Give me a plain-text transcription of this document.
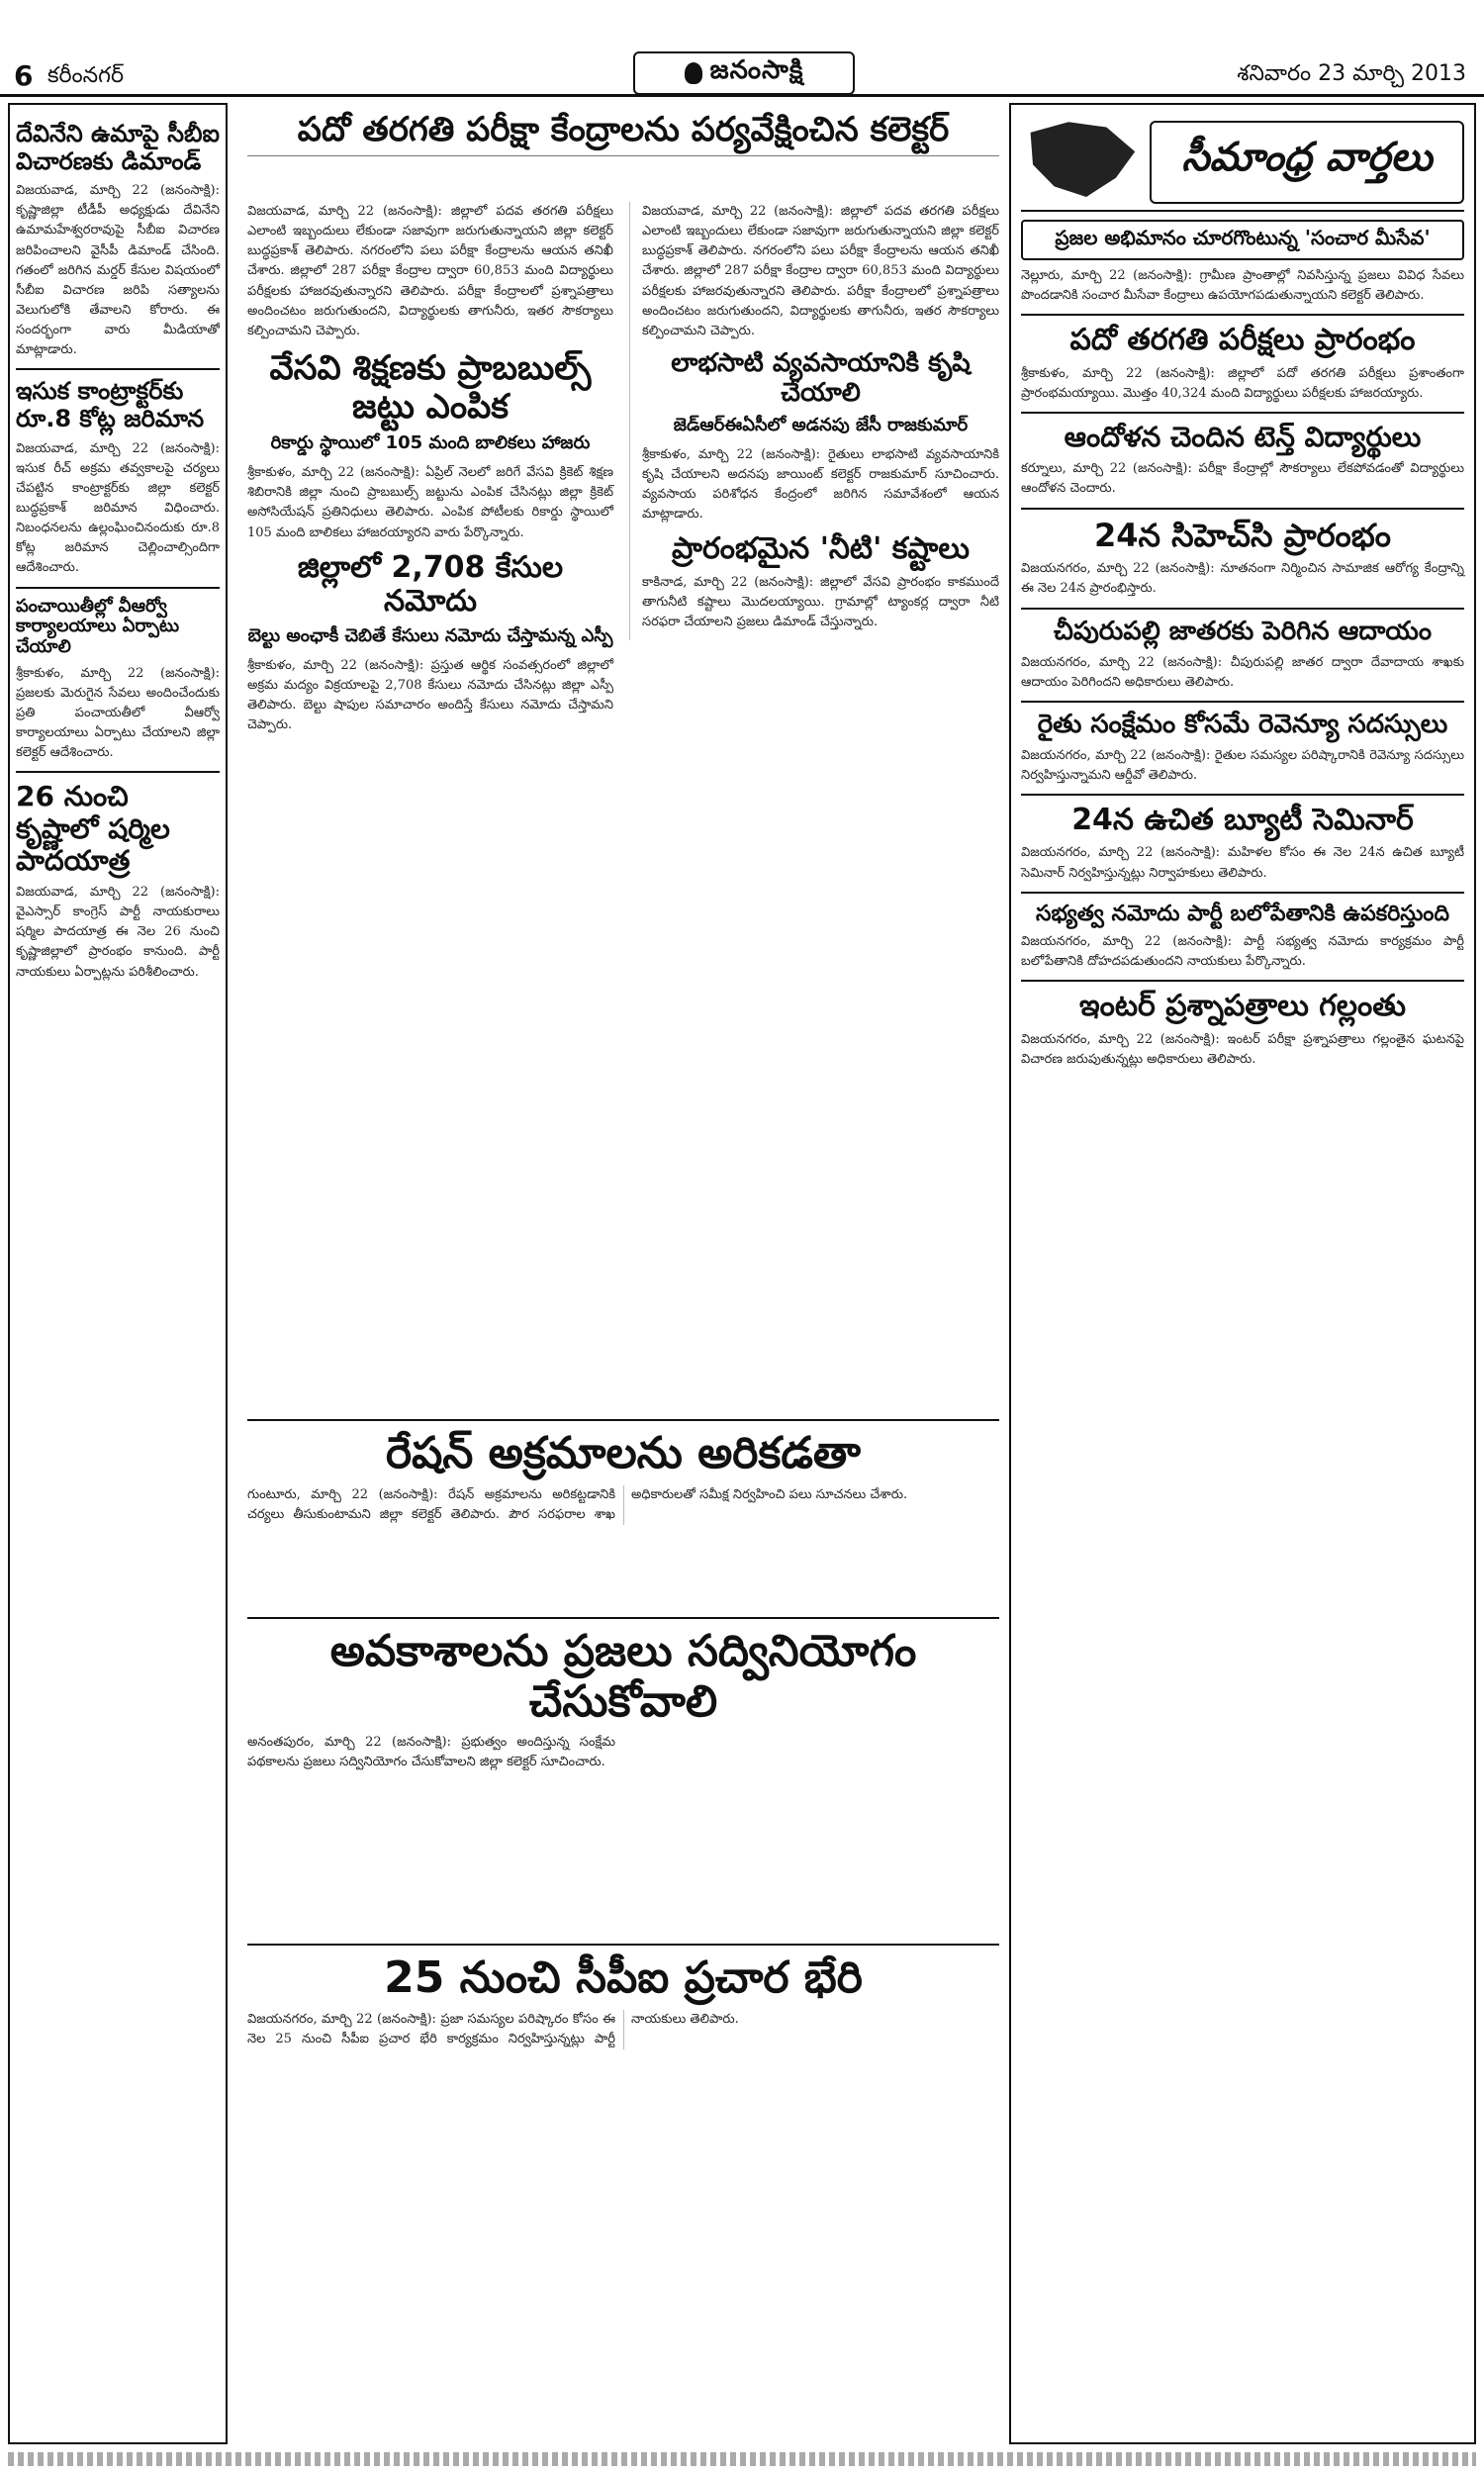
6 కరీంనగర్	జనంసాక్షి	శనివారం 23 మార్చి 2013
దేవినేని ఉమాపై సీబీఐ విచారణకు డిమాండ్

విజయవాడ, మార్చి 22 (జనంసాక్షి): కృష్ణాజిల్లా టీడీపీ అధ్యక్షుడు దేవినేని ఉమామహేశ్వరరావుపై సీబీఐ విచారణ జరిపించాలని వైసీపీ డిమాండ్ చేసింది. గతంలో జరిగిన మర్డర్ కేసుల విషయంలో సీబీఐ విచారణ జరిపి సత్యాలను వెలుగులోకి తేవాలని కోరారు. ఈ సందర్భంగా వారు మీడియాతో మాట్లాడారు.

ఇసుక కాంట్రాక్టర్‌కు రూ.8 కోట్ల జరిమాన

విజయవాడ, మార్చి 22 (జనంసాక్షి): ఇసుక రీచ్ అక్రమ తవ్వకాలపై చర్యలు చేపట్టిన కాంట్రాక్టర్‌కు జిల్లా కలెక్టర్ బుద్ధప్రకాశ్ జరిమాన విధించారు. నిబంధనలను ఉల్లంఘించినందుకు రూ.8 కోట్ల జరిమాన చెల్లించాల్సిందిగా ఆదేశించారు.

పంచాయితీల్లో వీఆర్వో కార్యాలయాలు ఏర్పాటు చేయాలి

శ్రీకాకుళం, మార్చి 22 (జనంసాక్షి): ప్రజలకు మెరుగైన సేవలు అందించేందుకు ప్రతి పంచాయతీలో వీఆర్వో కార్యాలయాలు ఏర్పాటు చేయాలని జిల్లా కలెక్టర్ ఆదేశించారు.

26 నుంచి కృష్ణాలో షర్మిల పాదయాత్ర

విజయవాడ, మార్చి 22 (జనంసాక్షి): వైఎస్సార్ కాంగ్రెస్ పార్టీ నాయకురాలు షర్మిల పాదయాత్ర ఈ నెల 26 నుంచి కృష్ణాజిల్లాలో ప్రారంభం కానుంది. పార్టీ నాయకులు ఏర్పాట్లను పరిశీలించారు.

పదో తరగతి పరీక్షా కేంద్రాలను పర్యవేక్షించిన కలెక్టర్

విజయవాడ, మార్చి 22 (జనంసాక్షి): జిల్లాలో పదవ తరగతి పరీక్షలు ఎలాంటి ఇబ్బందులు లేకుండా సజావుగా జరుగుతున్నాయని జిల్లా కలెక్టర్ బుద్ధప్రకాశ్ తెలిపారు. నగరంలోని పలు పరీక్షా కేంద్రాలను ఆయన తనిఖీ చేశారు. జిల్లాలో 287 పరీక్షా కేంద్రాల ద్వారా 60,853 మంది విద్యార్థులు పరీక్షలకు హాజరవుతున్నారని తెలిపారు. పరీక్షా కేంద్రాలలో ప్రశ్నాపత్రాలు అందించటం జరుగుతుందని, విద్యార్థులకు తాగునీరు, ఇతర సౌకర్యాలు కల్పించామని చెప్పారు.

వేసవి శిక్షణకు ప్రాబబుల్స్ జట్టు ఎంపిక
రికార్డు స్థాయిలో 105 మంది బాలికలు హాజరు

శ్రీకాకుళం, మార్చి 22 (జనంసాక్షి): ఏప్రిల్ నెలలో జరిగే వేసవి క్రికెట్ శిక్షణ శిబిరానికి జిల్లా నుంచి ప్రాబబుల్స్ జట్టును ఎంపిక చేసినట్లు జిల్లా క్రికెట్ అసోసియేషన్ ప్రతినిధులు తెలిపారు. ఎంపిక పోటీలకు రికార్డు స్థాయిలో 105 మంది బాలికలు హాజరయ్యారని వారు పేర్కొన్నారు.

జిల్లాలో 2,708 కేసుల నమోదు
బెల్టు అంఛాకీ చెబితే కేసులు నమోదు చేస్తామన్న ఎస్పీ

శ్రీకాకుళం, మార్చి 22 (జనంసాక్షి): ప్రస్తుత ఆర్థిక సంవత్సరంలో జిల్లాలో అక్రమ మద్యం విక్రయాలపై 2,708 కేసులు నమోదు చేసినట్లు జిల్లా ఎస్పీ తెలిపారు. బెల్టు షాపుల సమాచారం అందిస్తే కేసులు నమోదు చేస్తామని చెప్పారు.

విజయవాడ, మార్చి 22 (జనంసాక్షి): జిల్లాలో పదవ తరగతి పరీక్షలు ఎలాంటి ఇబ్బందులు లేకుండా సజావుగా జరుగుతున్నాయని జిల్లా కలెక్టర్ బుద్ధప్రకాశ్ తెలిపారు. నగరంలోని పలు పరీక్షా కేంద్రాలను ఆయన తనిఖీ చేశారు. జిల్లాలో 287 పరీక్షా కేంద్రాల ద్వారా 60,853 మంది విద్యార్థులు పరీక్షలకు హాజరవుతున్నారని తెలిపారు. పరీక్షా కేంద్రాలలో ప్రశ్నాపత్రాలు అందించటం జరుగుతుందని, విద్యార్థులకు తాగునీరు, ఇతర సౌకర్యాలు కల్పించామని చెప్పారు.

లాభసాటి వ్యవసాయానికి కృషి చేయాలి
జెడ్‌ఆర్‌ఈఏసీలో అడనపు జేసీ రాజకుమార్

శ్రీకాకుళం, మార్చి 22 (జనంసాక్షి): రైతులు లాభసాటి వ్యవసాయానికి కృషి చేయాలని అదనపు జాయింట్ కలెక్టర్ రాజకుమార్ సూచించారు. వ్యవసాయ పరిశోధన కేంద్రంలో జరిగిన సమావేశంలో ఆయన మాట్లాడారు.

ప్రారంభమైన 'నీటి' కష్టాలు

కాకినాడ, మార్చి 22 (జనంసాక్షి): జిల్లాలో వేసవి ప్రారంభం కాకముందే తాగునీటి కష్టాలు మొదలయ్యాయి. గ్రామాల్లో ట్యాంకర్ల ద్వారా నీటి సరఫరా చేయాలని ప్రజలు డిమాండ్ చేస్తున్నారు.

రేషన్ అక్రమాలను అరికడతా

గుంటూరు, మార్చి 22 (జనంసాక్షి): రేషన్ అక్రమాలను అరికట్టడానికి చర్యలు తీసుకుంటామని జిల్లా కలెక్టర్ తెలిపారు. పౌర సరఫరాల శాఖ అధికారులతో సమీక్ష నిర్వహించి పలు సూచనలు చేశారు.

అవకాశాలను ప్రజలు సద్వినియోగం చేసుకోవాలి

అనంతపురం, మార్చి 22 (జనంసాక్షి): ప్రభుత్వం అందిస్తున్న సంక్షేమ పథకాలను ప్రజలు సద్వినియోగం చేసుకోవాలని జిల్లా కలెక్టర్ సూచించారు.

25 నుంచి సీపీఐ ప్రచార భేరి

విజయనగరం, మార్చి 22 (జనంసాక్షి): ప్రజా సమస్యల పరిష్కారం కోసం ఈ నెల 25 నుంచి సీపీఐ ప్రచార భేరి కార్యక్రమం నిర్వహిస్తున్నట్లు పార్టీ నాయకులు తెలిపారు.

సీమాంధ్ర వార్తలు
ప్రజల అభిమానం చూరగొంటున్న 'సంచార మీసేవ'

నెల్లూరు, మార్చి 22 (జనంసాక్షి): గ్రామీణ ప్రాంతాల్లో నివసిస్తున్న ప్రజలు వివిధ సేవలు పొందడానికి సంచార మీసేవా కేంద్రాలు ఉపయోగపడుతున్నాయని కలెక్టర్ తెలిపారు.

పదో తరగతి పరీక్షలు ప్రారంభం

శ్రీకాకుళం, మార్చి 22 (జనంసాక్షి): జిల్లాలో పదో తరగతి పరీక్షలు ప్రశాంతంగా ప్రారంభమయ్యాయి. మొత్తం 40,324 మంది విద్యార్థులు పరీక్షలకు హాజరయ్యారు.

ఆందోళన చెందిన టెన్త్ విద్యార్థులు

కర్నూలు, మార్చి 22 (జనంసాక్షి): పరీక్షా కేంద్రాల్లో సౌకర్యాలు లేకపోవడంతో విద్యార్థులు ఆందోళన చెందారు.

24న సిహెచ్‌సి ప్రారంభం

విజయనగరం, మార్చి 22 (జనంసాక్షి): నూతనంగా నిర్మించిన సామాజిక ఆరోగ్య కేంద్రాన్ని ఈ నెల 24న ప్రారంభిస్తారు.

చీపురుపల్లి జాతరకు పెరిగిన ఆదాయం

విజయనగరం, మార్చి 22 (జనంసాక్షి): చీపురుపల్లి జాతర ద్వారా దేవాదాయ శాఖకు ఆదాయం పెరిగిందని అధికారులు తెలిపారు.

రైతు సంక్షేమం కోసమే రెవెన్యూ సదస్సులు

విజయనగరం, మార్చి 22 (జనంసాక్షి): రైతుల సమస్యల పరిష్కారానికి రెవెన్యూ సదస్సులు నిర్వహిస్తున్నామని ఆర్డీవో తెలిపారు.

24న ఉచిత బ్యూటీ సెమినార్

విజయనగరం, మార్చి 22 (జనంసాక్షి): మహిళల కోసం ఈ నెల 24న ఉచిత బ్యూటీ సెమినార్ నిర్వహిస్తున్నట్లు నిర్వాహకులు తెలిపారు.

సభ్యత్వ నమోదు పార్టీ బలోపేతానికి ఉపకరిస్తుంది

విజయనగరం, మార్చి 22 (జనంసాక్షి): పార్టీ సభ్యత్వ నమోదు కార్యక్రమం పార్టీ బలోపేతానికి దోహదపడుతుందని నాయకులు పేర్కొన్నారు.

ఇంటర్ ప్రశ్నాపత్రాలు గల్లంతు

విజయనగరం, మార్చి 22 (జనంసాక్షి): ఇంటర్ పరీక్షా ప్రశ్నాపత్రాలు గల్లంతైన ఘటనపై విచారణ జరుపుతున్నట్లు అధికారులు తెలిపారు.
